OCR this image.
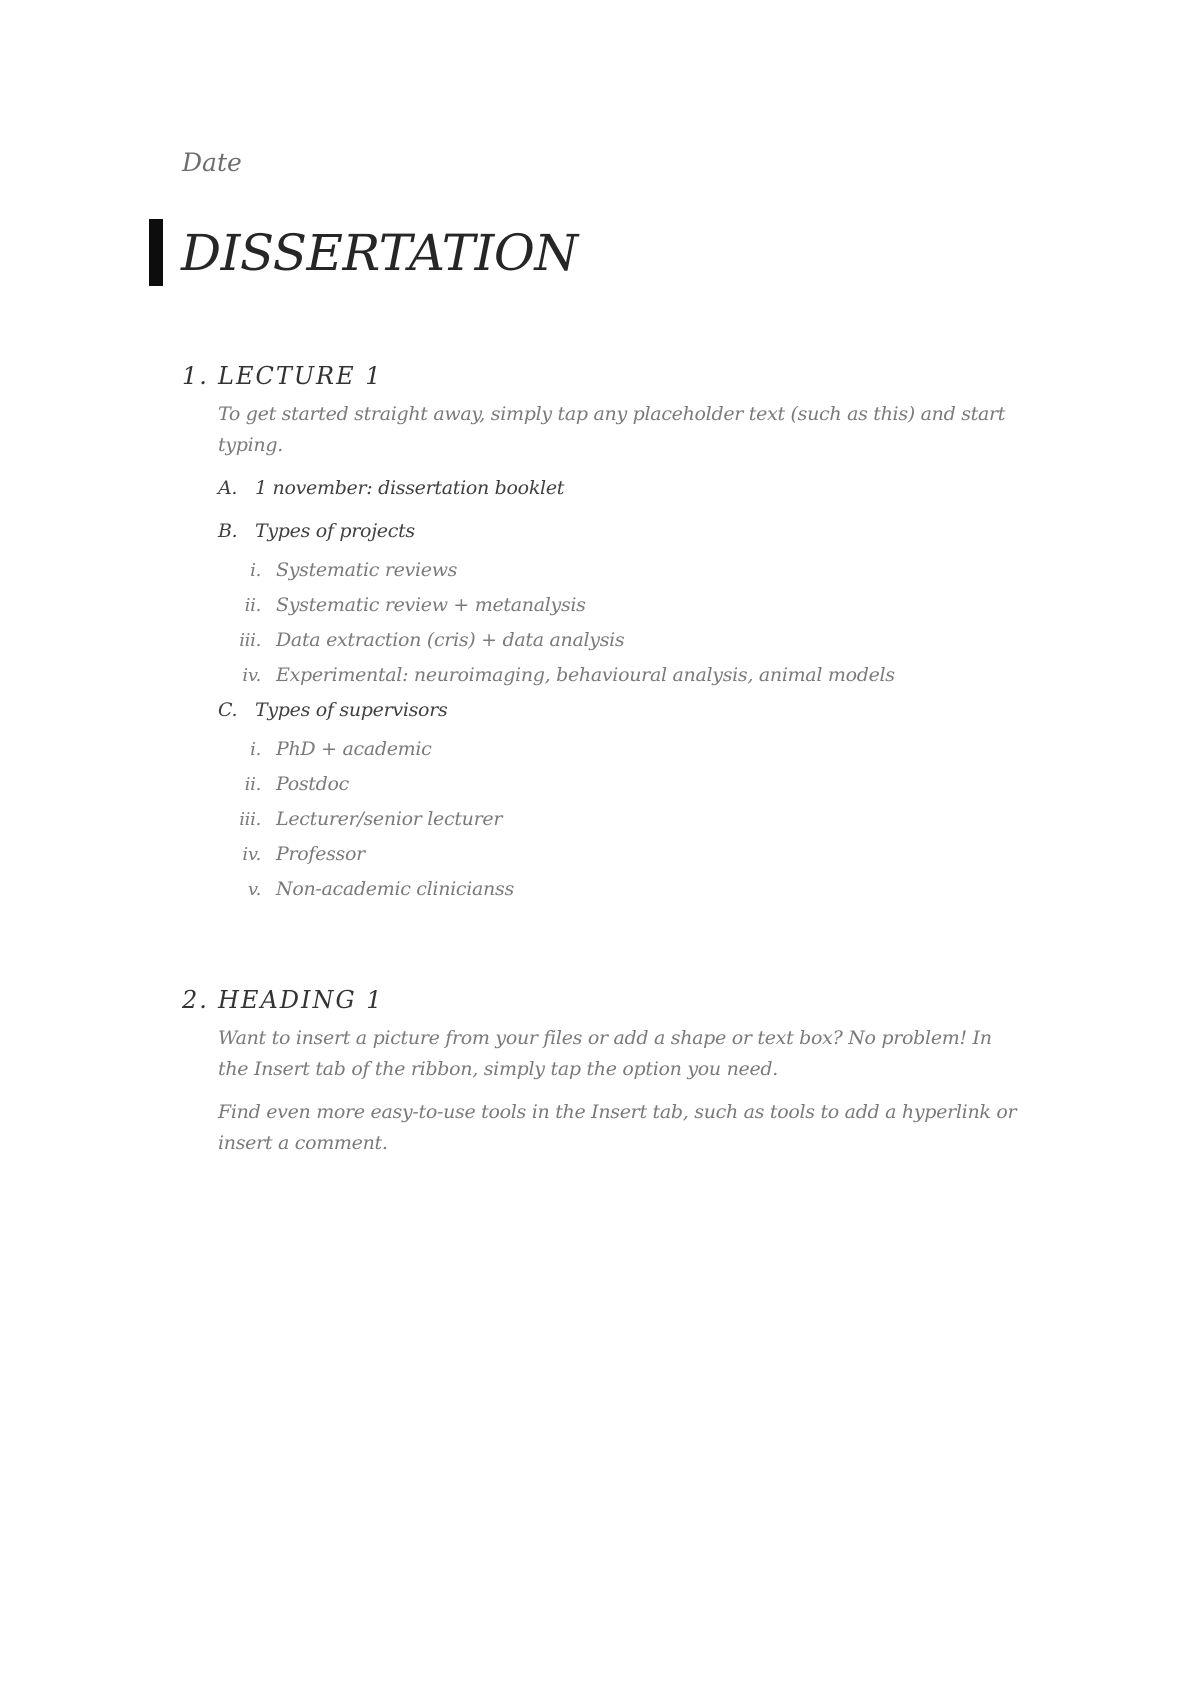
Date
DISSERTATION
1. LECTURE 1
To get started straight away, simply tap any placeholder text (such as this) and start typing.
A. 1 november: dissertation booklet
B. Types of projects
i. Systematic reviews
ii. Systematic review + metanalysis
iii. Data extraction (cris) + data analysis
iv. Experimental: neuroimaging, behavioural analysis, animal models
C. Types of supervisors
i. PhD + academic
ii. Postdoc
iii. Lecturer/senior lecturer
iv. Professor
v. Non-academic clinicianss
2. HEADING 1
Want to insert a picture from your files or add a shape or text box? No problem! In the Insert tab of the ribbon, simply tap the option you need.
Find even more easy-to-use tools in the Insert tab, such as tools to add a hyperlink or insert a comment.
